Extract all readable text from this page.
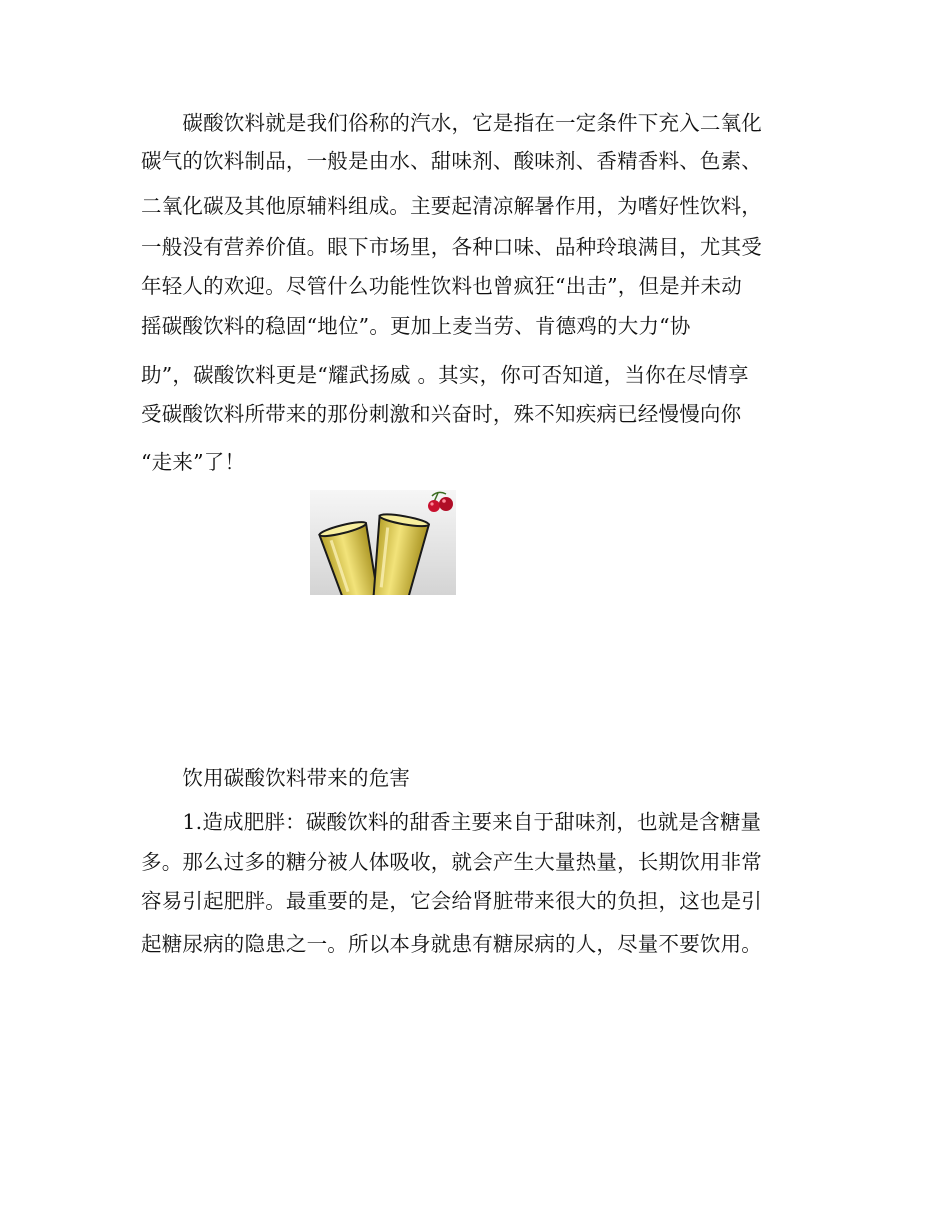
　　碳酸饮料就是我们俗称的汽水，它是指在一定条件下充入二氧化
碳气的饮料制品，一般是由水、甜味剂、酸味剂、香精香料、色素、
二氧化碳及其他原辅料组成。主要起清凉解暑作用，为嗜好性饮料，
一般没有营养价值。眼下市场里，各种口味、品种玲琅满目，尤其受
年轻人的欢迎。尽管什么功能性饮料也曾疯狂“出击”，但是并未动
摇碳酸饮料的稳固“地位”。更加上麦当劳、肯德鸡的大力“协
助”，碳酸饮料更是“耀武扬威 。其实，你可否知道，当你在尽情享
受碳酸饮料所带来的那份刺激和兴奋时，殊不知疾病已经慢慢向你
“走来”了！
　　饮用碳酸饮料带来的危害
　　1.造成肥胖：碳酸饮料的甜香主要来自于甜味剂，也就是含糖量
多。那么过多的糖分被人体吸收，就会产生大量热量，长期饮用非常
容易引起肥胖。最重要的是，它会给肾脏带来很大的负担，这也是引
起糖尿病的隐患之一。所以本身就患有糖尿病的人，尽量不要饮用。
